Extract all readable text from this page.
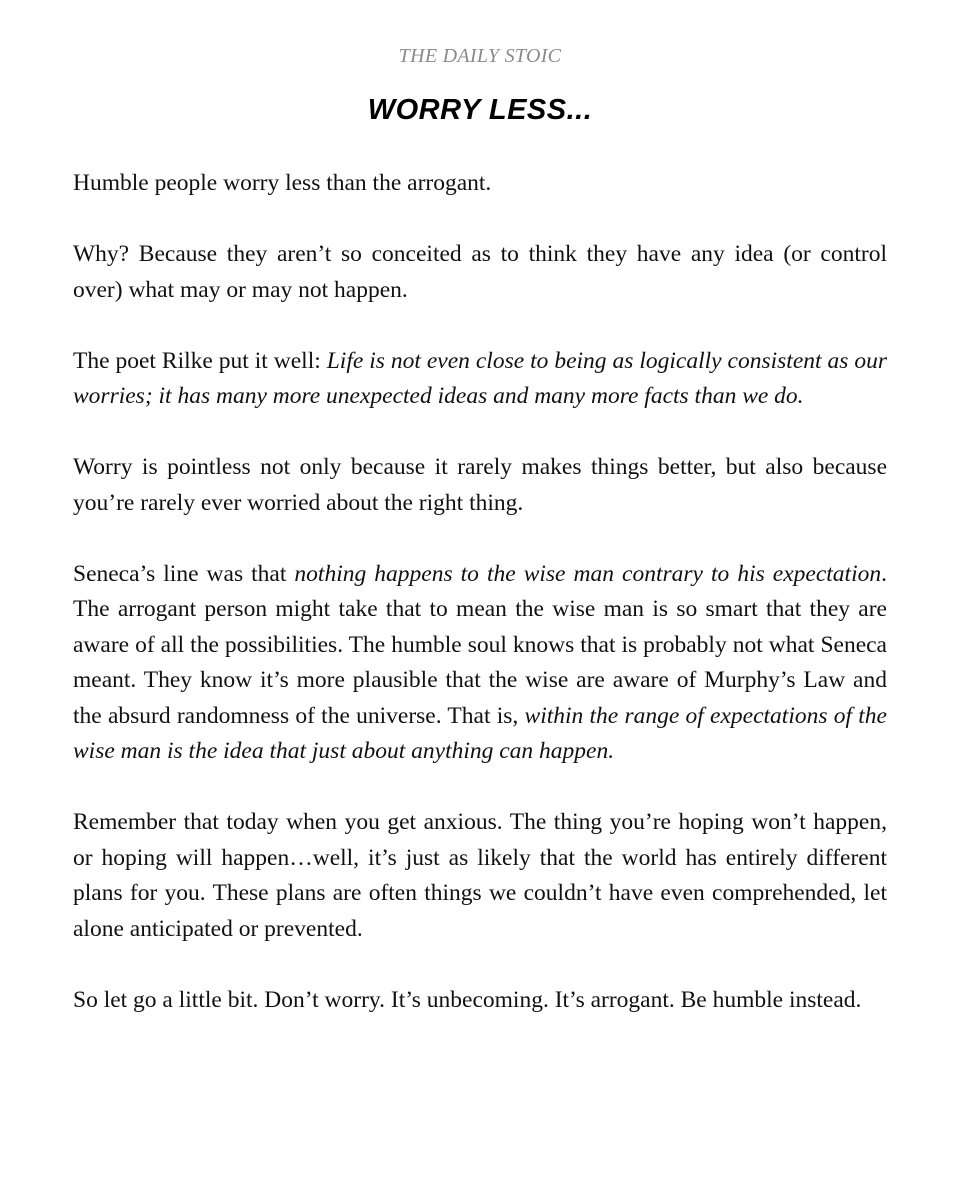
THE DAILY STOIC
WORRY LESS...

Humble people worry less than the arrogant.

Why? Because they aren’t so conceited as to think they have any idea (or control over) what may or may not happen.

The poet Rilke put it well: Life is not even close to being as logically consistent as our worries; it has many more unexpected ideas and many more facts than we do.

Worry is pointless not only because it rarely makes things better, but also because you’re rarely ever worried about the right thing.

Seneca’s line was that nothing happens to the wise man contrary to his expectation. The arrogant person might take that to mean the wise man is so smart that they are aware of all the possibilities. The humble soul knows that is probably not what Seneca meant. They know it’s more plausible that the wise are aware of Murphy’s Law and the absurd randomness of the universe. That is, within the range of expectations of the wise man is the idea that just about anything can happen.

Remember that today when you get anxious. The thing you’re hoping won’t happen, or hoping will happen…well, it’s just as likely that the world has entirely different plans for you. These plans are often things we couldn’t have even comprehended, let alone anticipated or prevented.

So let go a little bit. Don’t worry. It’s unbecoming. It’s arrogant. Be humble instead.
